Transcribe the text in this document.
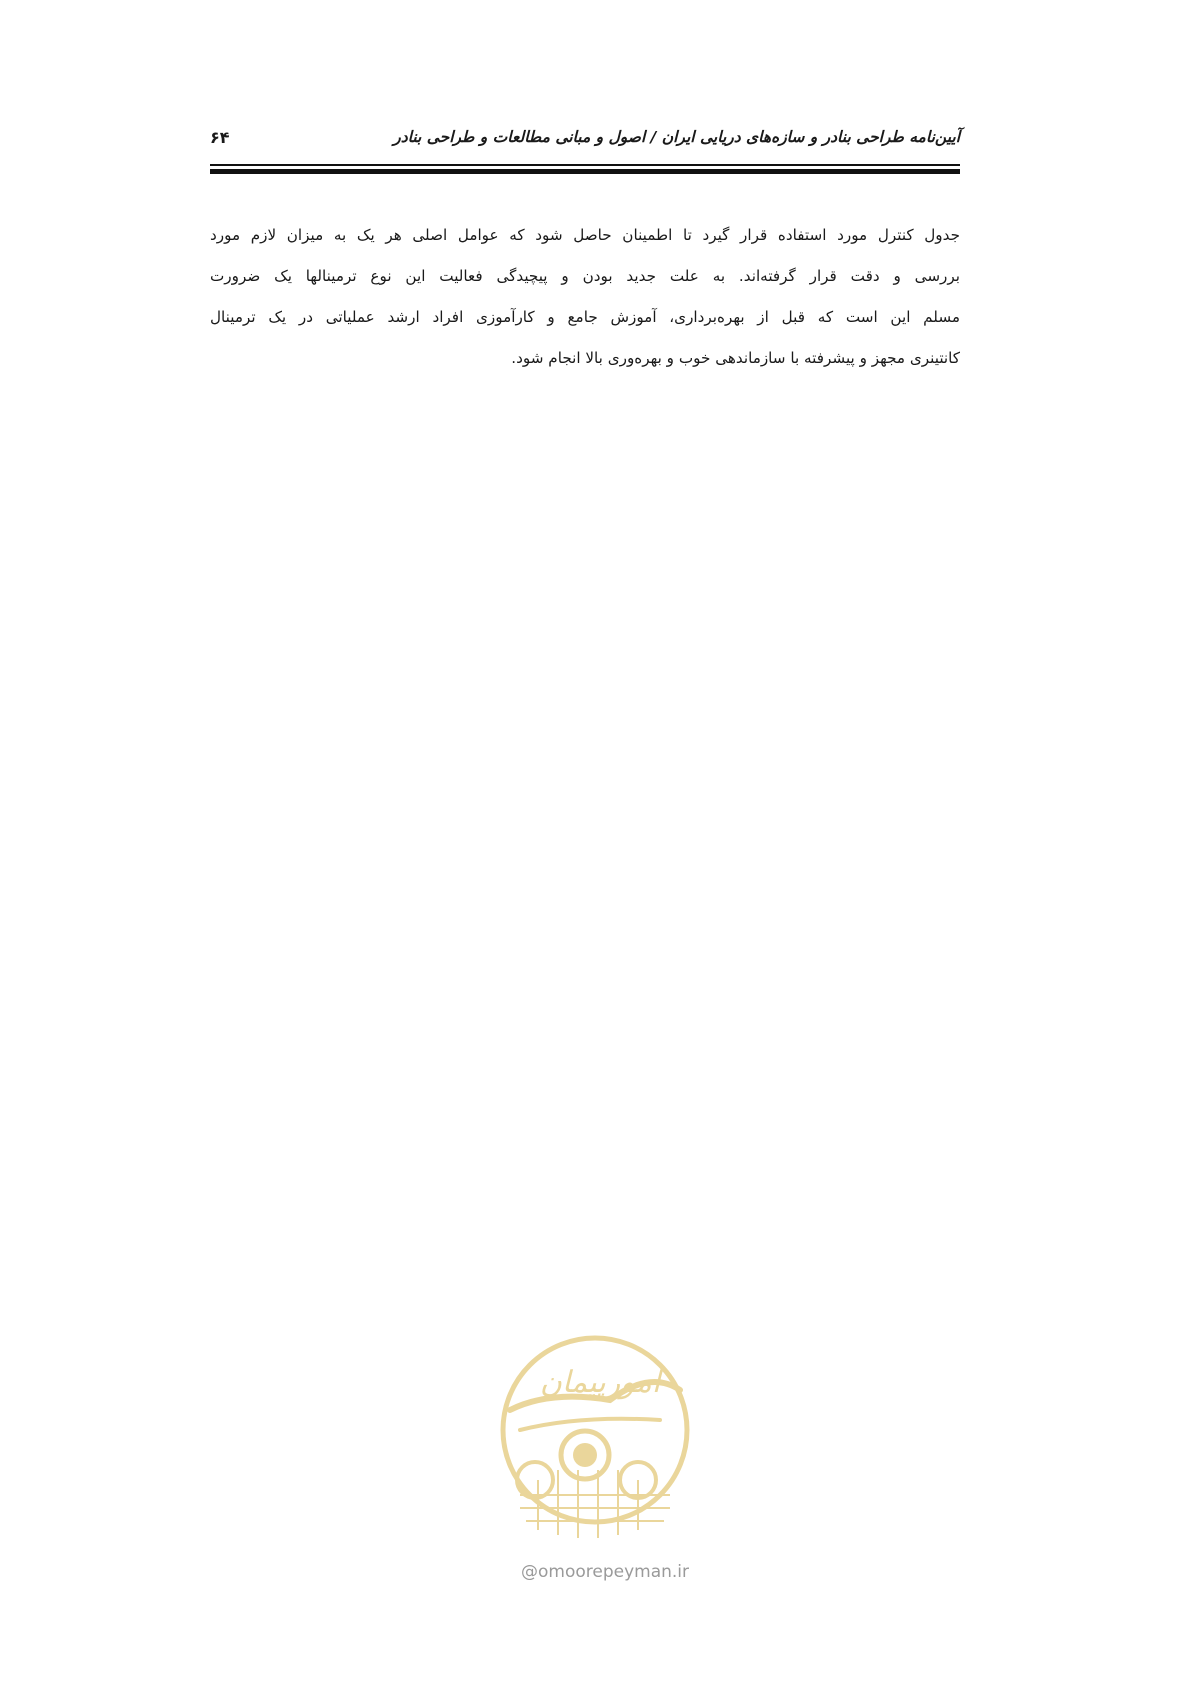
آیین‌نامه طراحی بنادر و سازه‌های دریایی ایران / اصول و مبانی مطالعات و طراحی بنادر
۶۴
جدول کنترل مورد استفاده قرار گیرد تا اطمینان حاصل شود که عوامل اصلی هر یک به میزان لازم مورد
بررسی و دقت قرار گرفته‌اند. به علت جدید بودن و پیچیدگی فعالیت این نوع ترمینالها یک ضرورت
مسلم این است که قبل از بهره‌برداری، آموزش جامع و کارآموزی افراد ارشد عملیاتی در یک ترمینال
کانتینری مجهز و پیشرفته با سازماندهی خوب و بهره‌وری بالا انجام شود.
امورپیمان
@omoorepeyman.ir
